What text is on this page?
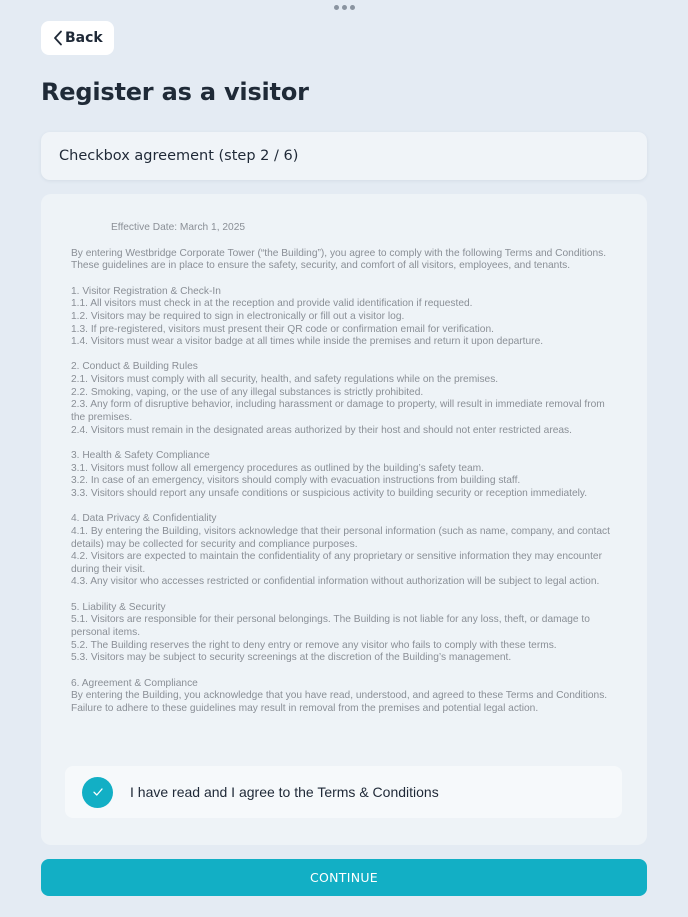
Back
Register as a visitor
Checkbox agreement (step 2 / 6)
Effective Date: March 1, 2025
By entering Westbridge Corporate Tower (“the Building”), you agree to comply with the following Terms and Conditions.
These guidelines are in place to ensure the safety, security, and comfort of all visitors, employees, and tenants.
1. Visitor Registration & Check-In
1.1. All visitors must check in at the reception and provide valid identification if requested.
1.2. Visitors may be required to sign in electronically or fill out a visitor log.
1.3. If pre-registered, visitors must present their QR code or confirmation email for verification.
1.4. Visitors must wear a visitor badge at all times while inside the premises and return it upon departure.
2. Conduct & Building Rules
2.1. Visitors must comply with all security, health, and safety regulations while on the premises.
2.2. Smoking, vaping, or the use of any illegal substances is strictly prohibited.
2.3. Any form of disruptive behavior, including harassment or damage to property, will result in immediate removal from
the premises.
2.4. Visitors must remain in the designated areas authorized by their host and should not enter restricted areas.
3. Health & Safety Compliance
3.1. Visitors must follow all emergency procedures as outlined by the building’s safety team.
3.2. In case of an emergency, visitors should comply with evacuation instructions from building staff.
3.3. Visitors should report any unsafe conditions or suspicious activity to building security or reception immediately.
4. Data Privacy & Confidentiality
4.1. By entering the Building, visitors acknowledge that their personal information (such as name, company, and contact
details) may be collected for security and compliance purposes.
4.2. Visitors are expected to maintain the confidentiality of any proprietary or sensitive information they may encounter
during their visit.
4.3. Any visitor who accesses restricted or confidential information without authorization will be subject to legal action.
5. Liability & Security
5.1. Visitors are responsible for their personal belongings. The Building is not liable for any loss, theft, or damage to
personal items.
5.2. The Building reserves the right to deny entry or remove any visitor who fails to comply with these terms.
5.3. Visitors may be subject to security screenings at the discretion of the Building’s management.
6. Agreement & Compliance
By entering the Building, you acknowledge that you have read, understood, and agreed to these Terms and Conditions.
Failure to adhere to these guidelines may result in removal from the premises and potential legal action.
I have read and I agree to the Terms & Conditions
CONTINUE
